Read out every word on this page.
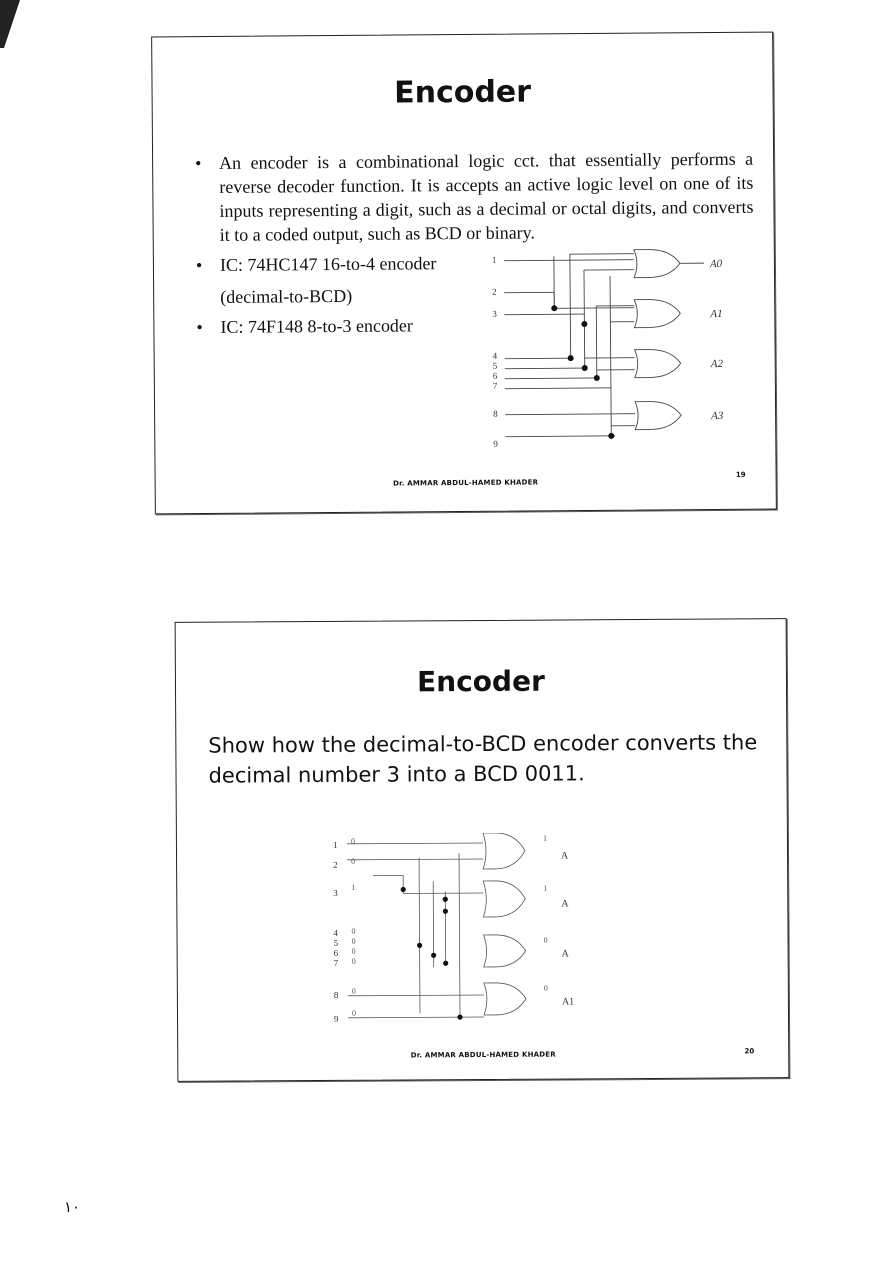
Encoder
• An encoder is a combinational logic cct. that essentially performs a reverse decoder function. It is accepts an active logic level on one of its inputs representing a digit, such as a decimal or octal digits, and converts it to a coded output, such as BCD or binary.
• IC: 74HC147 16-to-4 encoder (decimal-to-BCD)
• IC: 74F148 8-to-3 encoder
1
2
3
4
5
6
7
8
9
A0
A1
A2
A3
Dr. AMMAR ABDUL-HAMED KHADER
19
Encoder
Show how the decimal-to-BCD encoder converts the decimal number 3 into a BCD 0011.
1
2
3
4
5
6
7
8
9
0
0
1
0
0
0
0
0
0
1
1
0
0
A
A
A
A1
Dr. AMMAR ABDUL-HAMED KHADER	20
١٠
